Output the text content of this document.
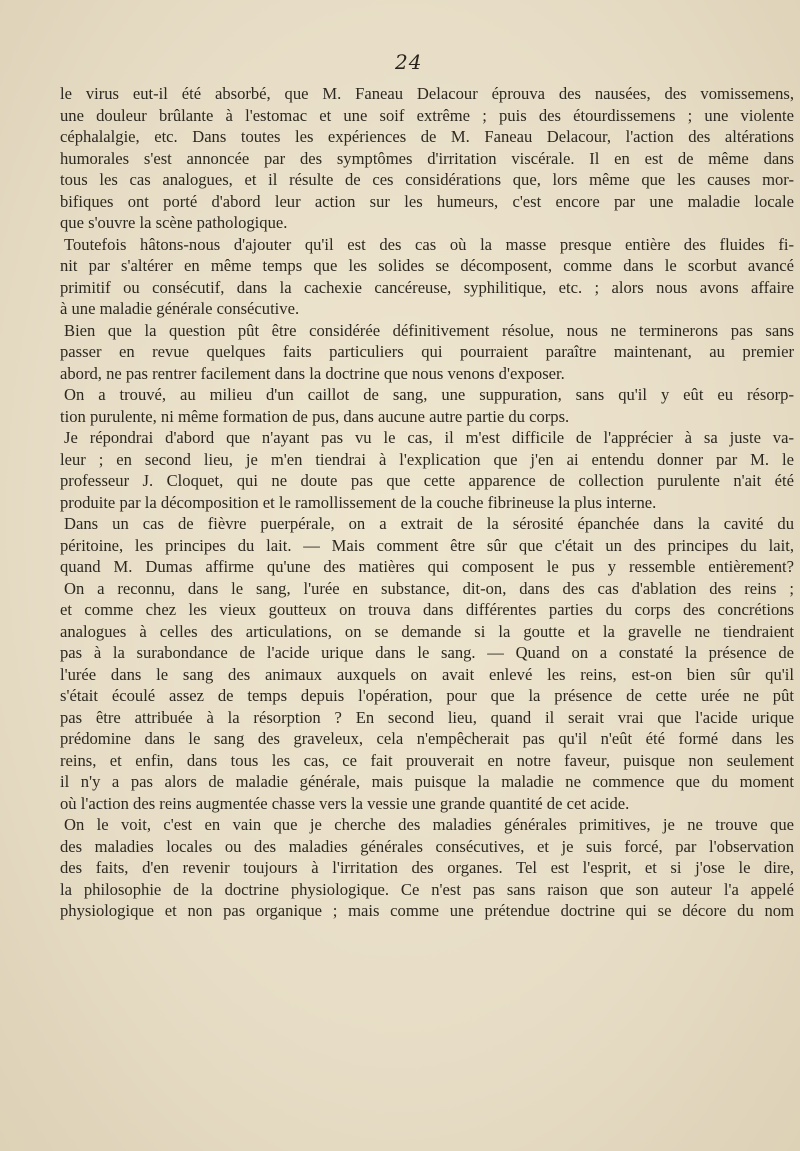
24
le virus eut-il été absorbé, que M. Faneau Delacour éprouva des nausées, des vomissemens,
une douleur brûlante à l'estomac et une soif extrême ; puis des étourdissemens ; une violente
céphalalgie, etc. Dans toutes les expériences de M. Faneau Delacour, l'action des altérations
humorales s'est annoncée par des symptômes d'irritation viscérale. Il en est de même dans
tous les cas analogues, et il résulte de ces considérations que, lors même que les causes mor-
bifiques ont porté d'abord leur action sur les humeurs, c'est encore par une maladie locale
que s'ouvre la scène pathologique.
Toutefois hâtons-nous d'ajouter qu'il est des cas où la masse presque entière des fluides fi-
nit par s'altérer en même temps que les solides se décomposent, comme dans le scorbut avancé
primitif ou consécutif, dans la cachexie cancéreuse, syphilitique, etc. ; alors nous avons affaire
à une maladie générale consécutive.
Bien que la question pût être considérée définitivement résolue, nous ne terminerons pas sans
passer en revue quelques faits particuliers qui pourraient paraître maintenant, au premier
abord, ne pas rentrer facilement dans la doctrine que nous venons d'exposer.
On a trouvé, au milieu d'un caillot de sang, une suppuration, sans qu'il y eût eu résorp-
tion purulente, ni même formation de pus, dans aucune autre partie du corps.
Je répondrai d'abord que n'ayant pas vu le cas, il m'est difficile de l'apprécier à sa juste va-
leur ; en second lieu, je m'en tiendrai à l'explication que j'en ai entendu donner par M. le
professeur J. Cloquet, qui ne doute pas que cette apparence de collection purulente n'ait été
produite par la décomposition et le ramollissement de la couche fibrineuse la plus interne.
Dans un cas de fièvre puerpérale, on a extrait de la sérosité épanchée dans la cavité du
péritoine, les principes du lait. — Mais comment être sûr que c'était un des principes du lait,
quand M. Dumas affirme qu'une des matières qui composent le pus y ressemble entièrement?
On a reconnu, dans le sang, l'urée en substance, dit-on, dans des cas d'ablation des reins ;
et comme chez les vieux goutteux on trouva dans différentes parties du corps des concrétions
analogues à celles des articulations, on se demande si la goutte et la gravelle ne tiendraient
pas à la surabondance de l'acide urique dans le sang. — Quand on a constaté la présence de
l'urée dans le sang des animaux auxquels on avait enlevé les reins, est-on bien sûr qu'il
s'était écoulé assez de temps depuis l'opération, pour que la présence de cette urée ne pût
pas être attribuée à la résorption ? En second lieu, quand il serait vrai que l'acide urique
prédomine dans le sang des graveleux, cela n'empêcherait pas qu'il n'eût été formé dans les
reins, et enfin, dans tous les cas, ce fait prouverait en notre faveur, puisque non seulement
il n'y a pas alors de maladie générale, mais puisque la maladie ne commence que du moment
où l'action des reins augmentée chasse vers la vessie une grande quantité de cet acide.
On le voit, c'est en vain que je cherche des maladies générales primitives, je ne trouve que
des maladies locales ou des maladies générales consécutives, et je suis forcé, par l'observation
des faits, d'en revenir toujours à l'irritation des organes. Tel est l'esprit, et si j'ose le dire,
la philosophie de la doctrine physiologique. Ce n'est pas sans raison que son auteur l'a appelé
physiologique et non pas organique ; mais comme une prétendue doctrine qui se décore du nom
